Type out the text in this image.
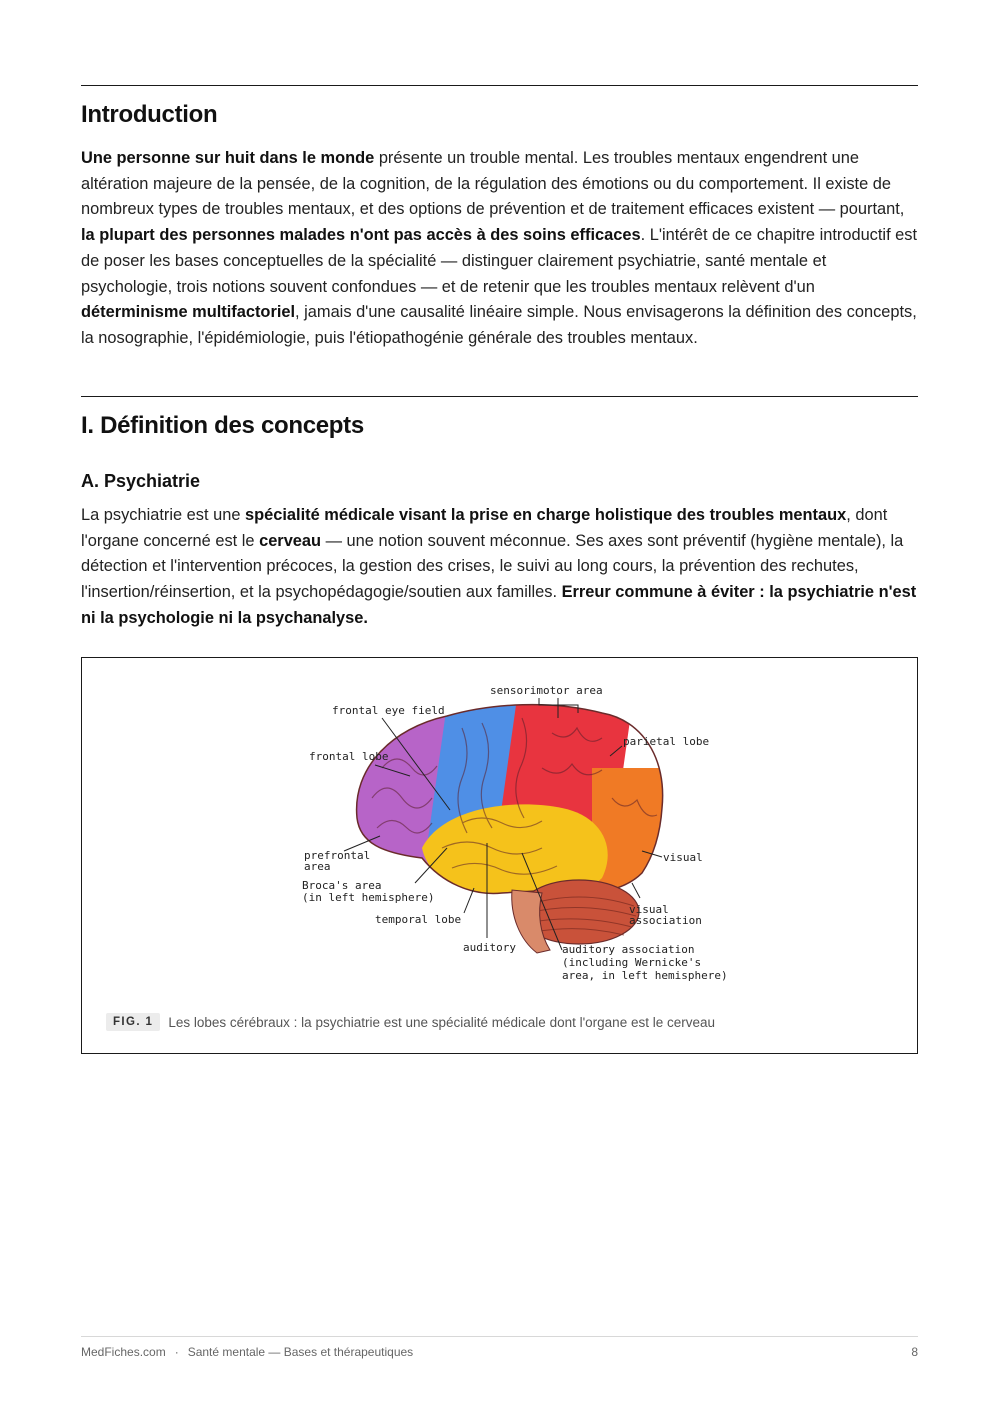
Introduction

Une personne sur huit dans le monde présente un trouble mental. Les troubles mentaux engendrent une altération majeure de la pensée, de la cognition, de la régulation des émotions ou du comportement. Il existe de nombreux types de troubles mentaux, et des options de prévention et de traitement efficaces existent — pourtant, la plupart des personnes malades n'ont pas accès à des soins efficaces. L'intérêt de ce chapitre introductif est de poser les bases conceptuelles de la spécialité — distinguer clairement psychiatrie, santé mentale et psychologie, trois notions souvent confondues — et de retenir que les troubles mentaux relèvent d'un déterminisme multifactoriel, jamais d'une causalité linéaire simple. Nous envisagerons la définition des concepts, la nosographie, l'épidémiologie, puis l'étiopathogénie générale des troubles mentaux.

I. Définition des concepts
A. Psychiatrie

La psychiatrie est une spécialité médicale visant la prise en charge holistique des troubles mentaux, dont l'organe concerné est le cerveau — une notion souvent méconnue. Ses axes sont préventif (hygiène mentale), la détection et l'intervention précoces, la gestion des crises, le suivi au long cours, la prévention des rechutes, l'insertion/réinsertion, et la psychopédagogie/soutien aux familles. Erreur commune à éviter : la psychiatrie n'est ni la psychologie ni la psychanalyse.

sensorimotor area
frontal eye field
frontal lobe
parietal lobe
prefrontal
area
Broca's area
(in left hemisphere)
temporal lobe
auditory
visual
visual
association
auditory association
(including Wernicke's
area, in left hemisphere)
FIG. 1	Les lobes cérébraux : la psychiatrie est une spécialité médicale dont l'organe est le cerveau
MedFiches.com · Santé mentale — Bases et thérapeutiques	8
